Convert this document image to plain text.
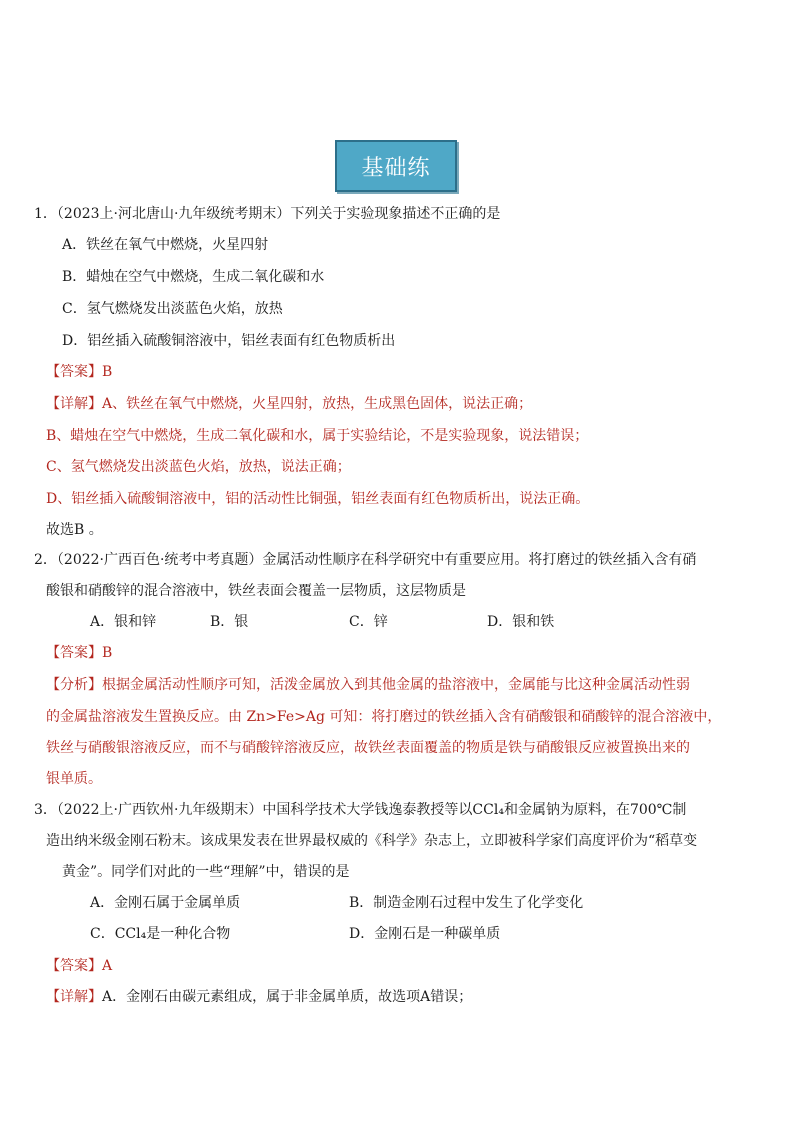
基础练
1．（2023上·河北唐山·九年级统考期末）下列关于实验现象描述不正确的是
A．铁丝在氧气中燃烧，火星四射
B．蜡烛在空气中燃烧，生成二氧化碳和水
C．氢气燃烧发出淡蓝色火焰，放热
D．铝丝插入硫酸铜溶液中，铝丝表面有红色物质析出
【答案】B
【详解】A、铁丝在氧气中燃烧，火星四射，放热，生成黑色固体，说法正确；
B、蜡烛在空气中燃烧，生成二氧化碳和水，属于实验结论，不是实验现象，说法错误；
C、氢气燃烧发出淡蓝色火焰，放热，说法正确；
D、铝丝插入硫酸铜溶液中，铝的活动性比铜强，铝丝表面有红色物质析出，说法正确。
故选B 。
2．（2022·广西百色·统考中考真题）金属活动性顺序在科学研究中有重要应用。将打磨过的铁丝插入含有硝
酸银和硝酸锌的混合溶液中，铁丝表面会覆盖一层物质，这层物质是
A．银和锌	B．银	C．锌	D．银和铁
【答案】B
【分析】根据金属活动性顺序可知，活泼金属放入到其他金属的盐溶液中，金属能与比这种金属活动性弱
的金属盐溶液发生置换反应。由 Zn>Fe>Ag 可知：将打磨过的铁丝插入含有硝酸银和硝酸锌的混合溶液中，
铁丝与硝酸银溶液反应，而不与硝酸锌溶液反应，故铁丝表面覆盖的物质是铁与硝酸银反应被置换出来的
银单质。
3．（2022上·广西钦州·九年级期末）中国科学技术大学钱逸泰教授等以CCl₄和金属钠为原料，在700℃制
造出纳米级金刚石粉末。该成果发表在世界最权威的《科学》杂志上，立即被科学家们高度评价为“稻草变
黄金”。同学们对此的一些“理解”中，错误的是
A．金刚石属于金属单质	B．制造金刚石过程中发生了化学变化
C．CCl₄是一种化合物	D．金刚石是一种碳单质
【答案】A
【详解】A．金刚石由碳元素组成，属于非金属单质，故选项A错误；
